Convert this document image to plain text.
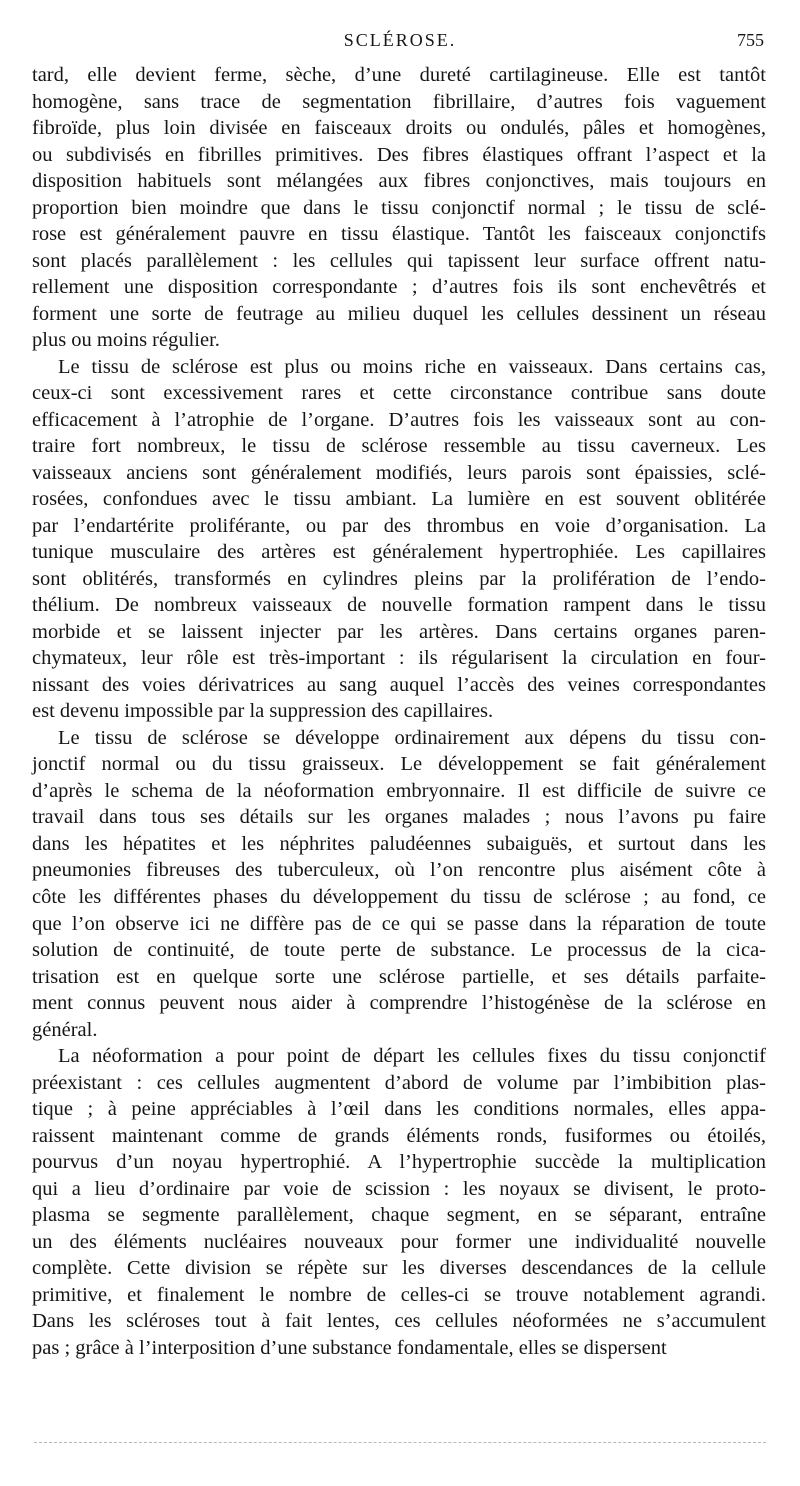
SCLÉROSE.	755
tard, elle devient ferme, sèche, d’une dureté cartilagineuse. Elle est tantôt
homogène, sans trace de segmentation fibrillaire, d’autres fois vaguement
fibroïde, plus loin divisée en faisceaux droits ou ondulés, pâles et homogènes,
ou subdivisés en fibrilles primitives. Des fibres élastiques offrant l’aspect et la
disposition habituels sont mélangées aux fibres conjonctives, mais toujours en
proportion bien moindre que dans le tissu conjonctif normal ; le tissu de sclé-
rose est généralement pauvre en tissu élastique. Tantôt les faisceaux conjonctifs
sont placés parallèlement : les cellules qui tapissent leur surface offrent natu-
rellement une disposition correspondante ; d’autres fois ils sont enchevêtrés et
forment une sorte de feutrage au milieu duquel les cellules dessinent un réseau
plus ou moins régulier.
Le tissu de sclérose est plus ou moins riche en vaisseaux. Dans certains cas,
ceux-ci sont excessivement rares et cette circonstance contribue sans doute
efficacement à l’atrophie de l’organe. D’autres fois les vaisseaux sont au con-
traire fort nombreux, le tissu de sclérose ressemble au tissu caverneux. Les
vaisseaux anciens sont généralement modifiés, leurs parois sont épaissies, sclé-
rosées, confondues avec le tissu ambiant. La lumière en est souvent oblitérée
par l’endartérite proliférante, ou par des thrombus en voie d’organisation. La
tunique musculaire des artères est généralement hypertrophiée. Les capillaires
sont oblitérés, transformés en cylindres pleins par la prolifération de l’endo-
thélium. De nombreux vaisseaux de nouvelle formation rampent dans le tissu
morbide et se laissent injecter par les artères. Dans certains organes paren-
chymateux, leur rôle est très-important : ils régularisent la circulation en four-
nissant des voies dérivatrices au sang auquel l’accès des veines correspondantes
est devenu impossible par la suppression des capillaires.
Le tissu de sclérose se développe ordinairement aux dépens du tissu con-
jonctif normal ou du tissu graisseux. Le développement se fait généralement
d’après le schema de la néoformation embryonnaire. Il est difficile de suivre ce
travail dans tous ses détails sur les organes malades ; nous l’avons pu faire
dans les hépatites et les néphrites paludéennes subaiguës, et surtout dans les
pneumonies fibreuses des tuberculeux, où l’on rencontre plus aisément côte à
côte les différentes phases du développement du tissu de sclérose ; au fond, ce
que l’on observe ici ne diffère pas de ce qui se passe dans la réparation de toute
solution de continuité, de toute perte de substance. Le processus de la cica-
trisation est en quelque sorte une sclérose partielle, et ses détails parfaite-
ment connus peuvent nous aider à comprendre l’histogénèse de la sclérose en
général.
La néoformation a pour point de départ les cellules fixes du tissu conjonctif
préexistant : ces cellules augmentent d’abord de volume par l’imbibition plas-
tique ; à peine appréciables à l’œil dans les conditions normales, elles appa-
raissent maintenant comme de grands éléments ronds, fusiformes ou étoilés,
pourvus d’un noyau hypertrophié. A l’hypertrophie succède la multiplication
qui a lieu d’ordinaire par voie de scission : les noyaux se divisent, le proto-
plasma se segmente parallèlement, chaque segment, en se séparant, entraîne
un des éléments nucléaires nouveaux pour former une individualité nouvelle
complète. Cette division se répète sur les diverses descendances de la cellule
primitive, et finalement le nombre de celles-ci se trouve notablement agrandi.
Dans les scléroses tout à fait lentes, ces cellules néoformées ne s’accumulent
pas ; grâce à l’interposition d’une substance fondamentale, elles se dispersent
